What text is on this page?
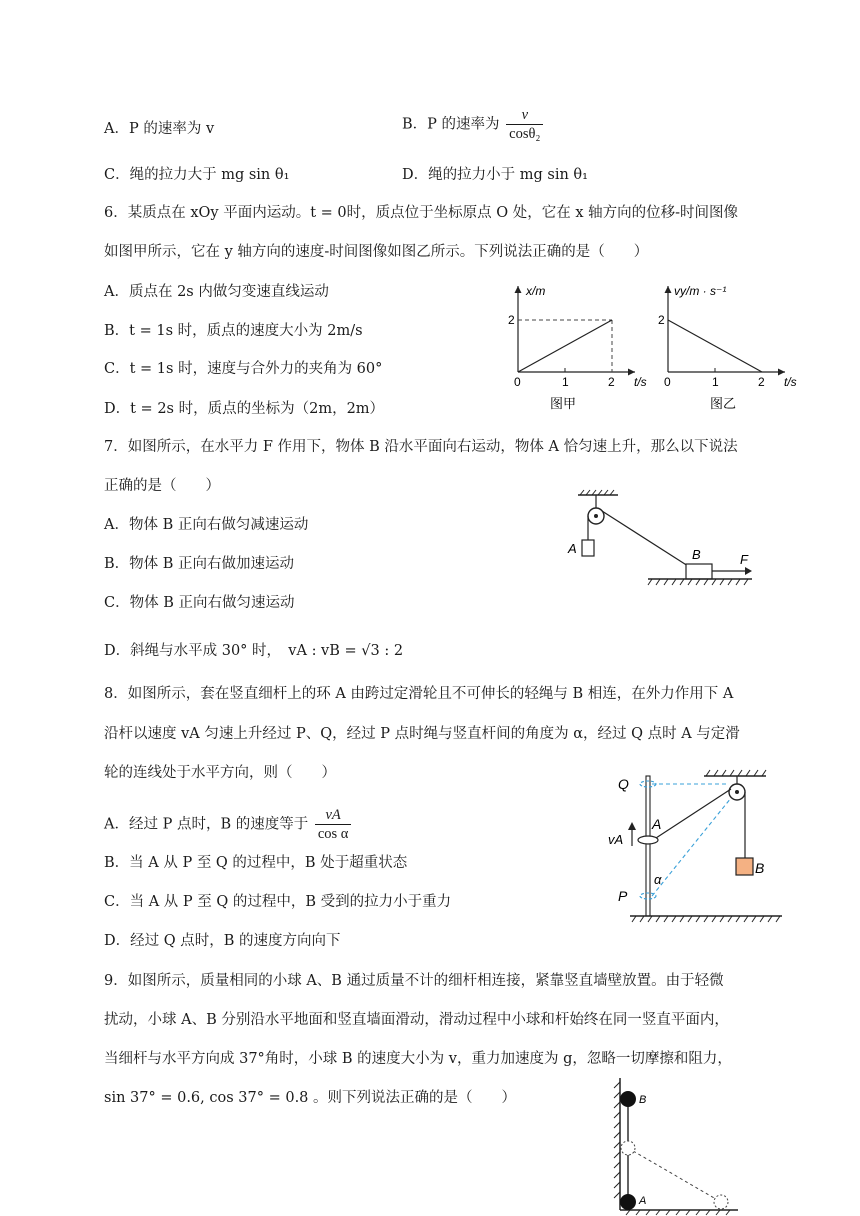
A．P 的速率为 v	B．P 的速率为 $\frac{v}{\text{cosθ₂}}$
C．绳的拉力大于 mg sin θ₁	D．绳的拉力小于 mg sin θ₁
6．某质点在 xOy 平面内运动。t = 0时，质点位于坐标原点 O 处，它在 x 轴方向的位移-时间图像
如图甲所示，它在 y 轴方向的速度-时间图像如图乙所示。下列说法正确的是（　　）
A．质点在 2s 内做匀变速直线运动
B．t = 1s 时，质点的速度大小为 2m/s
C．t = 1s 时，速度与合外力的夹角为 60°
D．t = 2s 时，质点的坐标为（2m，2m）
x/m
2
0	1	2 t/s
图甲
vy/m · s⁻¹
2
0	1	2 t/s
图乙
7．如图所示，在水平力 F 作用下，物体 B 沿水平面向右运动，物体 A 恰匀速上升，那么以下说法
正确的是（　　）
A．物体 B 正向右做匀减速运动
B．物体 B 正向右做加速运动
C．物体 B 正向右做匀速运动
D．斜绳与水平成 30° 时，　vA : vB = √3 : 2
A	B	F
8．如图所示，套在竖直细杆上的环 A 由跨过定滑轮且不可伸长的轻绳与 B 相连，在外力作用下 A
沿杆以速度 vA 匀速上升经过 P、Q，经过 P 点时绳与竖直杆间的角度为 α，经过 Q 点时 A 与定滑
轮的连线处于水平方向，则（　　）
A．经过 P 点时，B 的速度等于 $\frac{vA}{\text{cos α}}$
B．当 A 从 P 至 Q 的过程中，B 处于超重状态
C．当 A 从 P 至 Q 的过程中，B 受到的拉力小于重力
D．经过 Q 点时，B 的速度方向向下
Q
P
A
B
vA
α
9．如图所示，质量相同的小球 A、B 通过质量不计的细杆相连接，紧靠竖直墙壁放置。由于轻微
扰动，小球 A、B 分别沿水平地面和竖直墙面滑动，滑动过程中小球和杆始终在同一竖直平面内，
当细杆与水平方向成 37°角时，小球 B 的速度大小为 v，重力加速度为 g，忽略一切摩擦和阻力，
sin 37° = 0.6, cos 37° = 0.8 。则下列说法正确的是（　　）	B
A
